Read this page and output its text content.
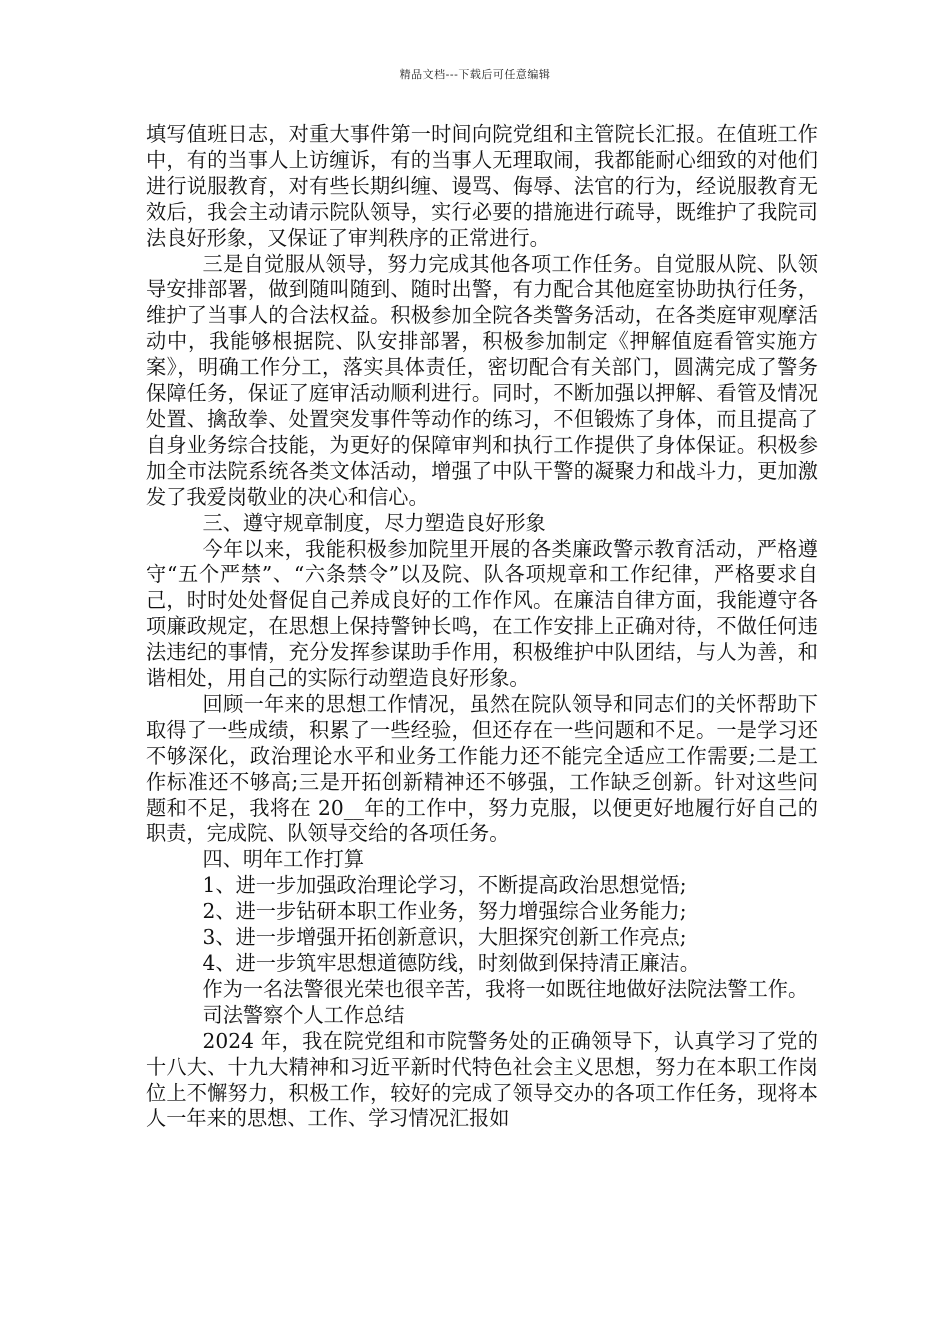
精品文档---下载后可任意编辑

填写值班日志，对重大事件第一时间向院党组和主管院长汇报。在值班工作中，有的当事人上访缠诉，有的当事人无理取闹，我都能耐心细致的对他们进行说服教育，对有些长期纠缠、谩骂、侮辱、法官的行为，经说服教育无效后，我会主动请示院队领导，实行必要的措施进行疏导，既维护了我院司法良好形象，又保证了审判秩序的正常进行。

三是自觉服从领导，努力完成其他各项工作任务。自觉服从院、队领导安排部署，做到随叫随到、随时出警，有力配合其他庭室协助执行任务，维护了当事人的合法权益。积极参加全院各类警务活动，在各类庭审观摩活动中，我能够根据院、队安排部署，积极参加制定《押解值庭看管实施方案》，明确工作分工，落实具体责任，密切配合有关部门，圆满完成了警务保障任务，保证了庭审活动顺利进行。同时，不断加强以押解、看管及情况处置、擒敌拳、处置突发事件等动作的练习，不但锻炼了身体，而且提高了自身业务综合技能，为更好的保障审判和执行工作提供了身体保证。积极参加全市法院系统各类文体活动，增强了中队干警的凝聚力和战斗力，更加激发了我爱岗敬业的决心和信心。

三、遵守规章制度，尽力塑造良好形象

今年以来，我能积极参加院里开展的各类廉政警示教育活动，严格遵守“五个严禁”、“六条禁令”以及院、队各项规章和工作纪律，严格要求自己，时时处处督促自己养成良好的工作作风。在廉洁自律方面，我能遵守各项廉政规定，在思想上保持警钟长鸣，在工作安排上正确对待，不做任何违法违纪的事情，充分发挥参谋助手作用，积极维护中队团结，与人为善，和谐相处，用自己的实际行动塑造良好形象。

回顾一年来的思想工作情况，虽然在院队领导和同志们的关怀帮助下取得了一些成绩，积累了一些经验，但还存在一些问题和不足。一是学习还不够深化，政治理论水平和业务工作能力还不能完全适应工作需要;二是工作标准还不够高;三是开拓创新精神还不够强，工作缺乏创新。针对这些问题和不足，我将在 20__年的工作中，努力克服，以便更好地履行好自己的职责，完成院、队领导交给的各项任务。

四、明年工作打算

1、进一步加强政治理论学习，不断提高政治思想觉悟;

2、进一步钻研本职工作业务，努力增强综合业务能力;

3、进一步增强开拓创新意识，大胆探究创新工作亮点;

4、进一步筑牢思想道德防线，时刻做到保持清正廉洁。

作为一名法警很光荣也很辛苦，我将一如既往地做好法院法警工作。

司法警察个人工作总结

2024 年，我在院党组和市院警务处的正确领导下，认真学习了党的十八大、十九大精神和习近平新时代特色社会主义思想，努力在本职工作岗位上不懈努力，积极工作，较好的完成了领导交办的各项工作任务，现将本人一年来的思想、工作、学习情况汇报如
